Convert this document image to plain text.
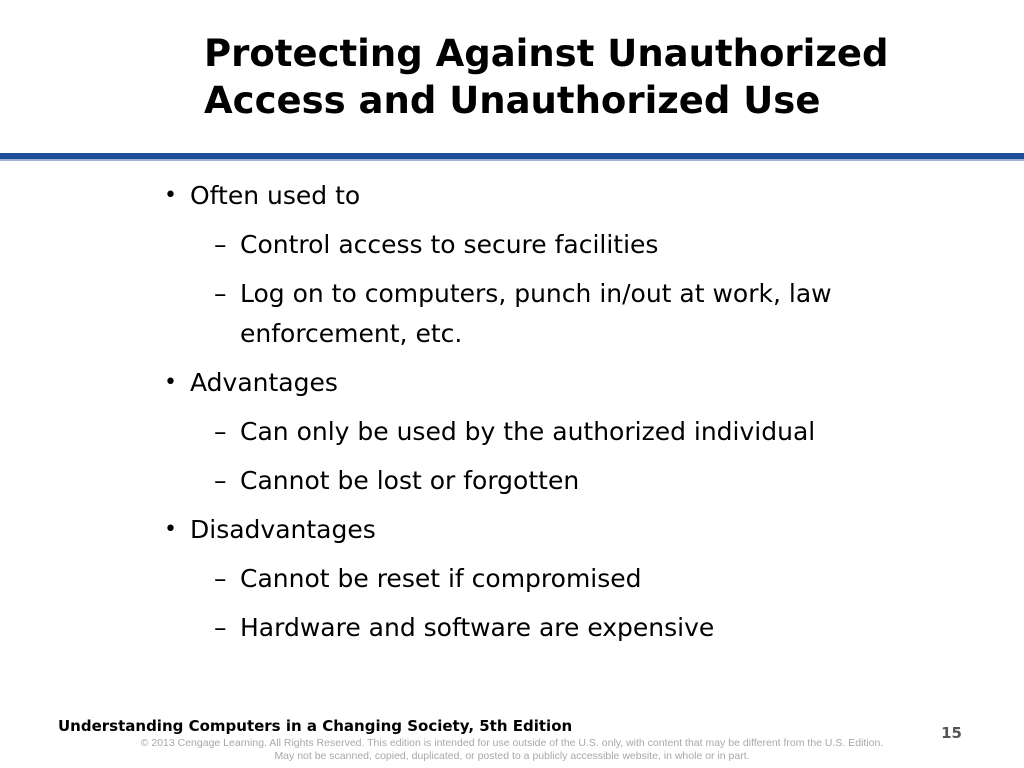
Protecting Against Unauthorized
Access and Unauthorized Use
• Often used to
– Control access to secure facilities
– Log on to computers, punch in/out at work, law enforcement, etc.
• Advantages
– Can only be used by the authorized individual
– Cannot be lost or forgotten
• Disadvantages
– Cannot be reset if compromised
– Hardware and software are expensive
Understanding Computers in a Changing Society, 5th Edition	15
© 2013 Cengage Learning. All Rights Reserved. This edition is intended for use outside of the U.S. only, with content that may be different from the U.S. Edition.
May not be scanned, copied, duplicated, or posted to a publicly accessible website, in whole or in part.
